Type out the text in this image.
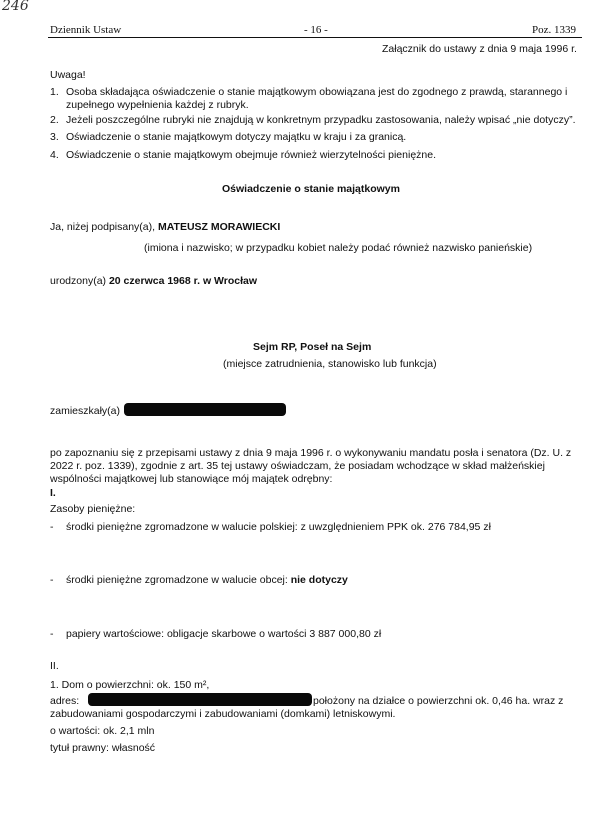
246
Dziennik Ustaw	- 16 -	Poz. 1339
Załącznik do ustawy z dnia 9 maja 1996 r.
Uwaga!
1. Osoba składająca oświadczenie o stanie majątkowym obowiązana jest do zgodnego z prawdą, starannego i
zupełnego wypełnienia każdej z rubryk.
2. Jeżeli poszczególne rubryki nie znajdują w konkretnym przypadku zastosowania, należy wpisać „nie dotyczy”.
3. Oświadczenie o stanie majątkowym dotyczy majątku w kraju i za granicą.
4. Oświadczenie o stanie majątkowym obejmuje również wierzytelności pieniężne.
Oświadczenie o stanie majątkowym
Ja, niżej podpisany(a), MATEUSZ MORAWIECKI
(imiona i nazwisko; w przypadku kobiet należy podać również nazwisko panieńskie)
urodzony(a) 20 czerwca 1968 r. w Wrocław
Sejm RP, Poseł na Sejm
(miejsce zatrudnienia, stanowisko lub funkcja)
zamieszkały(a)
po zapoznaniu się z przepisami ustawy z dnia 9 maja 1996 r. o wykonywaniu mandatu posła i senatora (Dz. U. z
2022 r. poz. 1339), zgodnie z art. 35 tej ustawy oświadczam, że posiadam wchodzące w skład małżeńskiej
wspólności majątkowej lub stanowiące mój majątek odrębny:
I.
Zasoby pieniężne:
- środki pieniężne zgromadzone w walucie polskiej: z uwzględnieniem PPK ok. 276 784,95 zł
- środki pieniężne zgromadzone w walucie obcej: nie dotyczy
- papiery wartościowe: obligacje skarbowe o wartości 3 887 000,80 zł
II.
1. Dom o powierzchni: ok. 150 m²,
adres:	położony na działce o powierzchni ok. 0,46 ha. wraz z
zabudowaniami gospodarczymi i zabudowaniami (domkami) letniskowymi.
o wartości: ok. 2,1 mln
tytuł prawny: własność
